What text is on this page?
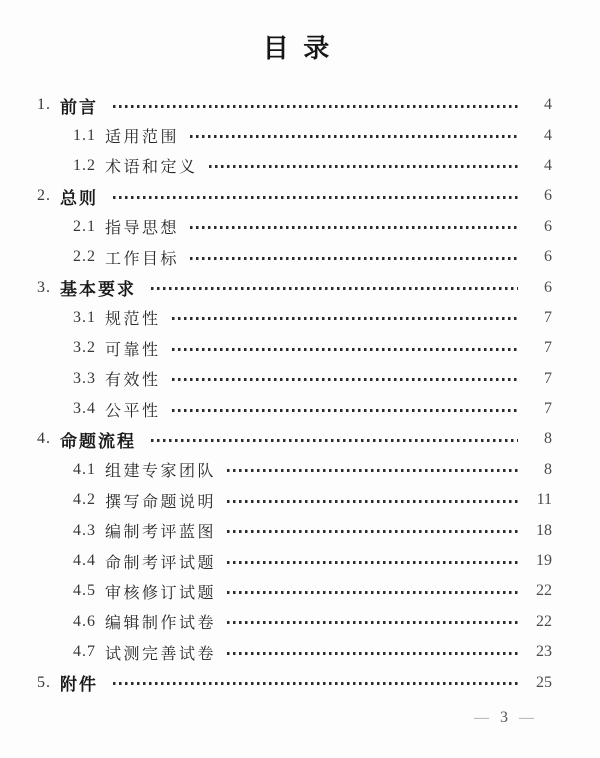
目  录
1. 前言	4
1.1 适用范围	4
1.2 术语和定义	4
2. 总则	6
2.1 指导思想	6
2.2 工作目标	6
3. 基本要求	6
3.1 规范性	7
3.2 可靠性	7
3.3 有效性	7
3.4 公平性	7
4. 命题流程	8
4.1 组建专家团队	8
4.2 撰写命题说明	11
4.3 编制考评蓝图	18
4.4 命制考评试题	19
4.5 审核修订试题	22
4.6 编辑制作试卷	22
4.7 试测完善试卷	23
5. 附件	25
— 3 —
